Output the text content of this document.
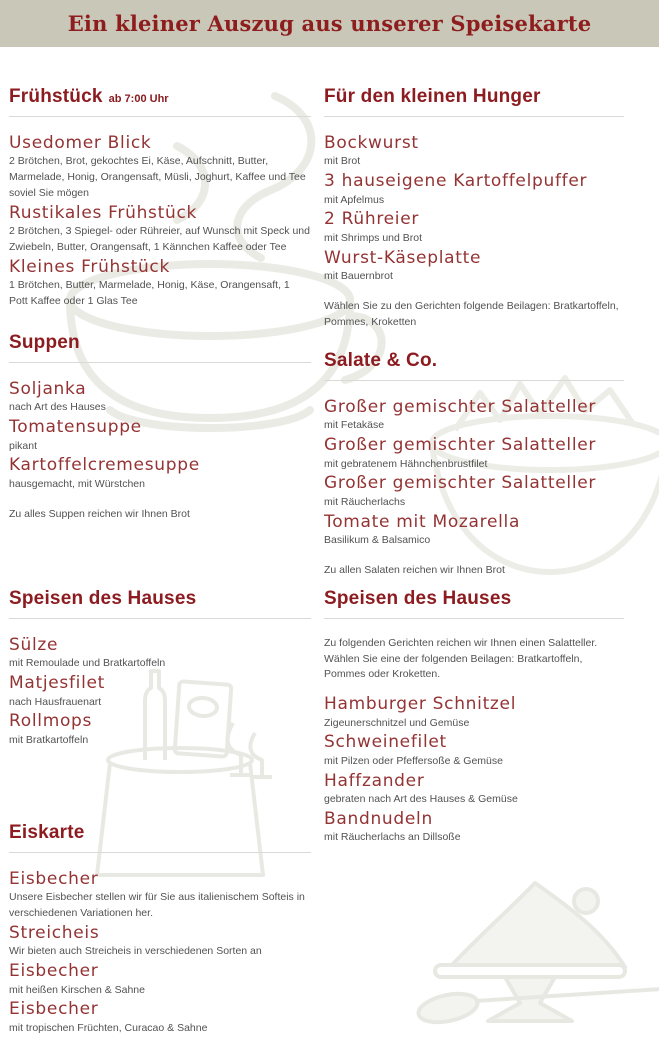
Ein kleiner Auszug aus unserer Speisekarte
Frühstück ab 7:00 Uhr
Usedomer Blick
2 Brötchen, Brot, gekochtes Ei, Käse, Aufschnitt, Butter, Marmelade, Honig, Orangensaft, Müsli, Joghurt, Kaffee und Tee soviel Sie mögen
Rustikales Frühstück
2 Brötchen, 3 Spiegel- oder Rühreier, auf Wunsch mit Speck und Zwiebeln, Butter, Orangensaft, 1 Kännchen Kaffee oder Tee
Kleines Frühstück
1 Brötchen, Butter, Marmelade, Honig, Käse, Orangensaft, 1 Pott Kaffee oder 1 Glas Tee
Suppen
Soljanka
nach Art des Hauses
Tomatensuppe
pikant
Kartoffelcremesuppe
hausgemacht, mit Würstchen

Zu alles Suppen reichen wir Ihnen Brot

Speisen des Hauses
Sülze
mit Remoulade und Bratkartoffeln
Matjesfilet
nach Hausfrauenart
Rollmops
mit Bratkartoffeln
Eiskarte
Eisbecher
Unsere Eisbecher stellen wir für Sie aus italienischem Softeis in verschiedenen Variationen her.
Streicheis
Wir bieten auch Streicheis in verschiedenen Sorten an
Eisbecher
mit heißen Kirschen & Sahne
Eisbecher
mit tropischen Früchten, Curacao & Sahne
Für den kleinen Hunger
Bockwurst
mit Brot
3 hauseigene Kartoffelpuffer
mit Apfelmus
2 Rühreier
mit Shrimps und Brot
Wurst-Käseplatte
mit Bauernbrot

Wählen Sie zu den Gerichten folgende Beilagen: Bratkartoffeln, Pommes, Kroketten

Salate & Co.
Großer gemischter Salatteller
mit Fetakäse
Großer gemischter Salatteller
mit gebratenem Hähnchenbrustfilet
Großer gemischter Salatteller
mit Räucherlachs
Tomate mit Mozarella
Basilikum & Balsamico

Zu allen Salaten reichen wir Ihnen Brot

Speisen des Hauses

Zu folgenden Gerichten reichen wir Ihnen einen Salatteller. Wählen Sie eine der folgenden Beilagen: Bratkartoffeln, Pommes oder Kroketten.

Hamburger Schnitzel
Zigeunerschnitzel und Gemüse
Schweinefilet
mit Pilzen oder Pfeffersoße & Gemüse
Haffzander
gebraten nach Art des Hauses & Gemüse
Bandnudeln
mit Räucherlachs an Dillsoße
